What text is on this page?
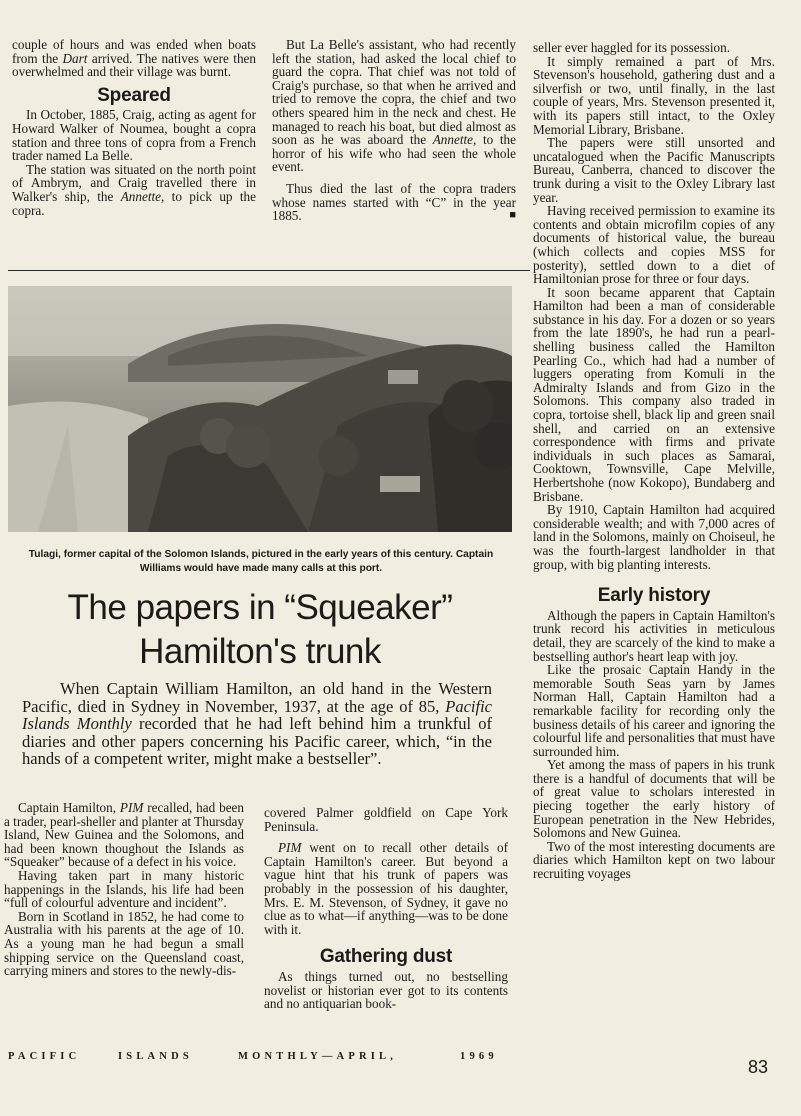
couple of hours and was ended when boats from the Dart arrived. The natives were then overwhelmed and their village was burnt.

Speared

In October, 1885, Craig, acting as agent for Howard Walker of Noumea, bought a copra station and three tons of copra from a French trader named La Belle.

The station was situated on the north point of Ambrym, and Craig travelled there in Walker's ship, the Annette, to pick up the copra.

But La Belle's assistant, who had recently left the station, had asked the local chief to guard the copra. That chief was not told of Craig's purchase, so that when he arrived and tried to remove the copra, the chief and two others speared him in the neck and chest. He managed to reach his boat, but died almost as soon as he was aboard the Annette, to the horror of his wife who had seen the whole event.

Thus died the last of the copra traders whose names started with “C” in the year 1885.	■

Tulagi, former capital of the Solomon Islands, pictured in the early years of this century. Captain Williams would have made many calls at this port.
The papers in “Squeaker”
Hamilton's trunk

When Captain William Hamilton, an old hand in the Western Pacific, died in Sydney in November, 1937, at the age of 85, Pacific Islands Monthly recorded that he had left behind him a trunkful of diaries and other papers concerning his Pacific career, which, “in the hands of a competent writer, might make a bestseller”.

Captain Hamilton, PIM recalled, had been a trader, pearl-sheller and planter at Thursday Island, New Guinea and the Solomons, and had been known thoughout the Islands as “Squeaker” because of a defect in his voice.

Having taken part in many historic happenings in the Islands, his life had been “full of colourful adventure and incident”.

Born in Scotland in 1852, he had come to Australia with his parents at the age of 10. As a young man he had begun a small shipping service on the Queensland coast, carrying miners and stores to the newly-dis-

covered Palmer goldfield on Cape York Peninsula.

PIM went on to recall other details of Captain Hamilton's career. But beyond a vague hint that his trunk of papers was probably in the possession of his daughter, Mrs. E. M. Stevenson, of Sydney, it gave no clue as to what—if anything—was to be done with it.

Gathering dust

As things turned out, no bestselling novelist or historian ever got to its contents and no antiquarian book-

seller ever haggled for its possession.

It simply remained a part of Mrs. Stevenson's household, gathering dust and a silverfish or two, until finally, in the last couple of years, Mrs. Stevenson presented it, with its papers still intact, to the Oxley Memorial Library, Brisbane.

The papers were still unsorted and uncatalogued when the Pacific Manuscripts Bureau, Canberra, chanced to discover the trunk during a visit to the Oxley Library last year.

Having received permission to examine its contents and obtain microfilm copies of any documents of historical value, the bureau (which collects and copies MSS for posterity), settled down to a diet of Hamiltonian prose for three or four days.

It soon became apparent that Captain Hamilton had been a man of considerable substance in his day. For a dozen or so years from the late 1890's, he had run a pearl-shelling business called the Hamilton Pearling Co., which had had a number of luggers operating from Komuli in the Admiralty Islands and from Gizo in the Solomons. This company also traded in copra, tortoise shell, black lip and green snail shell, and carried on an extensive correspondence with firms and private individuals in such places as Samarai, Cooktown, Townsville, Cape Melville, Herbertshohe (now Kokopo), Bundaberg and Brisbane.

By 1910, Captain Hamilton had acquired considerable wealth; and with 7,000 acres of land in the Solomons, mainly on Choiseul, he was the fourth-largest landholder in that group, with big planting interests.

Early history

Although the papers in Captain Hamilton's trunk record his activities in meticulous detail, they are scarcely of the kind to make a bestselling author's heart leap with joy.

Like the prosaic Captain Handy in the memorable South Seas yarn by James Norman Hall, Captain Hamilton had a remarkable facility for recording only the business details of his career and ignoring the colourful life and personalities that must have surrounded him.

Yet among the mass of papers in his trunk there is a handful of documents that will be of great value to scholars interested in piecing together the early history of European penetration in the New Hebrides, Solomons and New Guinea.

Two of the most interesting documents are diaries which Hamilton kept on two labour recruiting voyages

PACIFIC	ISLANDS	MONTHLY—APRIL,	1969
83
